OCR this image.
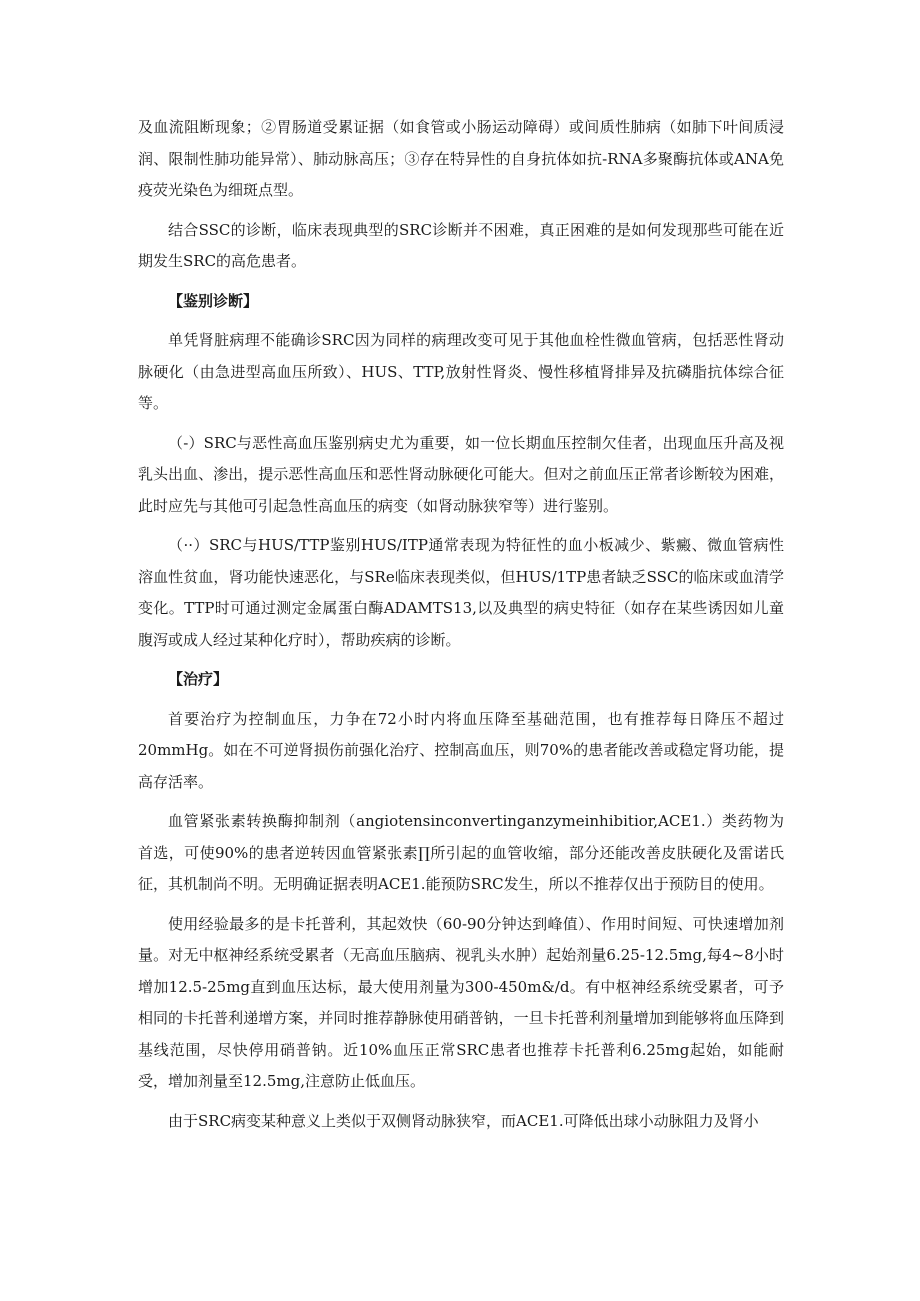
及血流阻断现象；②胃肠道受累证据（如食管或小肠运动障碍）或间质性肺病（如肺下叶间质浸润、限制性肺功能异常）、肺动脉高压；③存在特异性的自身抗体如抗-RNA多聚酶抗体或ANA免疫荧光染色为细斑点型。

结合SSC的诊断，临床表现典型的SRC诊断并不困难，真正困难的是如何发现那些可能在近期发生SRC的高危患者。

【鉴别诊断】

单凭肾脏病理不能确诊SRC因为同样的病理改变可见于其他血栓性微血管病，包括恶性肾动脉硬化（由急进型高血压所致）、HUS、TTP,放射性肾炎、慢性移植肾排异及抗磷脂抗体综合征等。

（-）SRC与恶性高血压鉴别病史尤为重要，如一位长期血压控制欠佳者，出现血压升高及视乳头出血、渗出，提示恶性高血压和恶性肾动脉硬化可能大。但对之前血压正常者诊断较为困难，此时应先与其他可引起急性高血压的病变（如肾动脉狭窄等）进行鉴别。

（··）SRC与HUS/TTP鉴别HUS/ITP通常表现为特征性的血小板减少、紫癜、微血管病性溶血性贫血，肾功能快速恶化，与SRe临床表现类似，但HUS/1TP患者缺乏SSC的临床或血清学变化。TTP时可通过测定金属蛋白酶ADAMTS13,以及典型的病史特征（如存在某些诱因如儿童腹泻或成人经过某种化疗时），帮助疾病的诊断。

【治疗】

首要治疗为控制血压，力争在72小时内将血压降至基础范围，也有推荐每日降压不超过20mmHg。如在不可逆肾损伤前强化治疗、控制高血压，则70%的患者能改善或稳定肾功能，提高存活率。

血管紧张素转换酶抑制剂（angiotensinconvertinganzymeinhibitior,ACE1.）类药物为首选，可使90%的患者逆转因血管紧张素∏所引起的血管收缩，部分还能改善皮肤硬化及雷诺氏征，其机制尚不明。无明确证据表明ACE1.能预防SRC发生，所以不推荐仅出于预防目的使用。

使用经验最多的是卡托普利，其起效快（60-90分钟达到峰值）、作用时间短、可快速增加剂量。对无中枢神经系统受累者（无高血压脑病、视乳头水肿）起始剂量6.25-12.5mg,每4~8小时增加12.5-25mg直到血压达标，最大使用剂量为300-450m&/d。有中枢神经系统受累者，可予相同的卡托普利递增方案，并同时推荐静脉使用硝普钠，一旦卡托普利剂量增加到能够将血压降到基线范围，尽快停用硝普钠。近10%血压正常SRC患者也推荐卡托普利6.25mg起始，如能耐受，增加剂量至12.5mg,注意防止低血压。

由于SRC病变某种意义上类似于双侧肾动脉狭窄，而ACE1.可降低出球小动脉阻力及肾小
